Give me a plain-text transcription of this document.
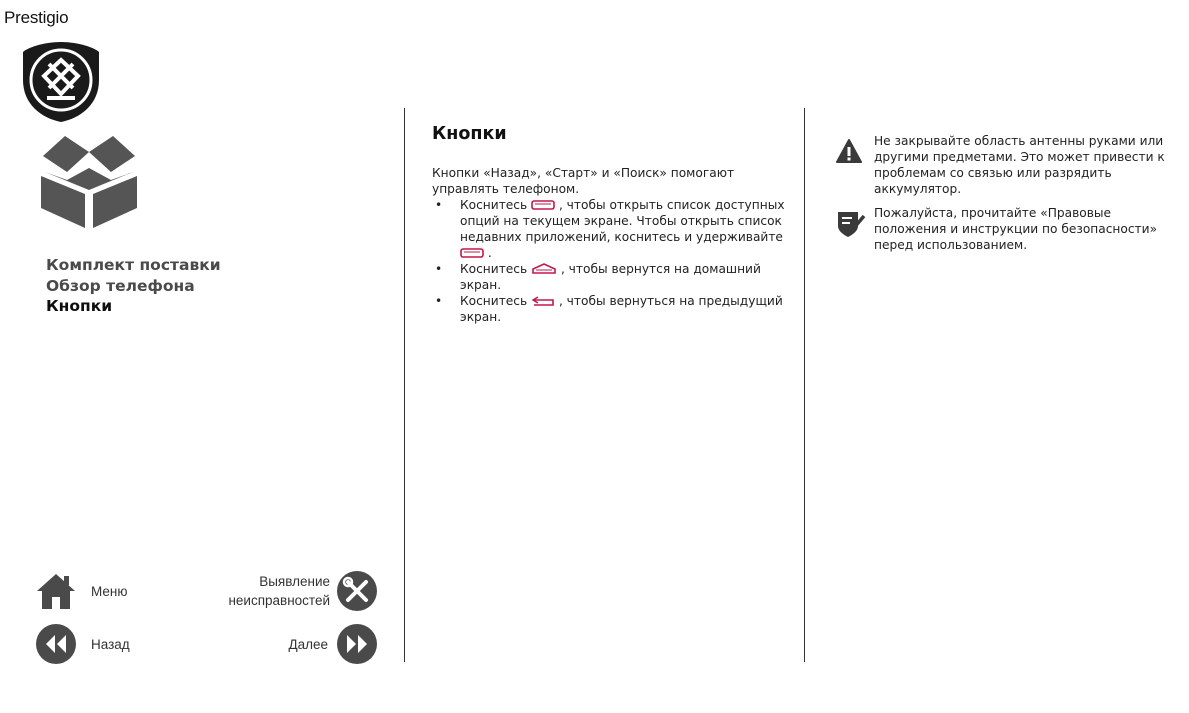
Prestigio
Комплект поставки
Обзор телефона
Кнопки
Меню
Назад
Выявление
неисправностей
Далее
Кнопки

Кнопки «Назад», «Старт» и «Поиск» помогают управлять телефоном.

• Коснитесь  , чтобы открыть список доступных опций на текущем экране. Чтобы открыть список недавних приложений, коснитесь и удерживайте  .
• Коснитесь  , чтобы вернутся на домашний экран.
• Коснитесь  , чтобы вернуться на предыдущий экран.
Не закрывайте область антенны руками или другими предметами. Это может привести к проблемам со связью или разрядить аккумулятор.
Пожалуйста, прочитайте «Правовые положения и инструкции по безопасности» перед использованием.
